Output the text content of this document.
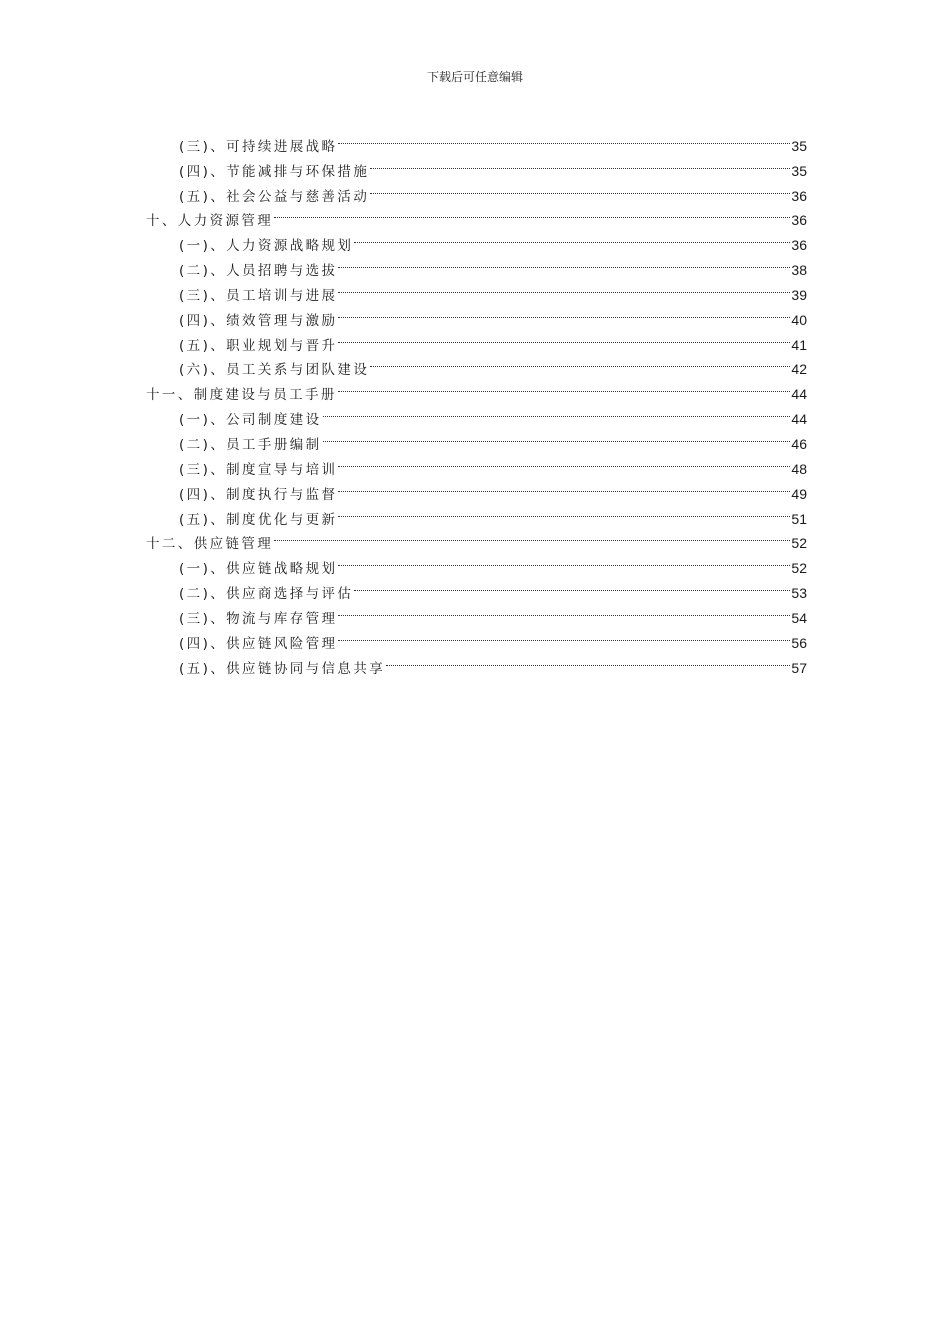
下载后可任意编辑
(三)、可持续进展战略	35
(四)、节能减排与环保措施	35
(五)、社会公益与慈善活动	36
十、人力资源管理	36
(一)、人力资源战略规划	36
(二)、人员招聘与选拔	38
(三)、员工培训与进展	39
(四)、绩效管理与激励	40
(五)、职业规划与晋升	41
(六)、员工关系与团队建设	42
十一、制度建设与员工手册	44
(一)、公司制度建设	44
(二)、员工手册编制	46
(三)、制度宣导与培训	48
(四)、制度执行与监督	49
(五)、制度优化与更新	51
十二、供应链管理	52
(一)、供应链战略规划	52
(二)、供应商选择与评估	53
(三)、物流与库存管理	54
(四)、供应链风险管理	56
(五)、供应链协同与信息共享	57
